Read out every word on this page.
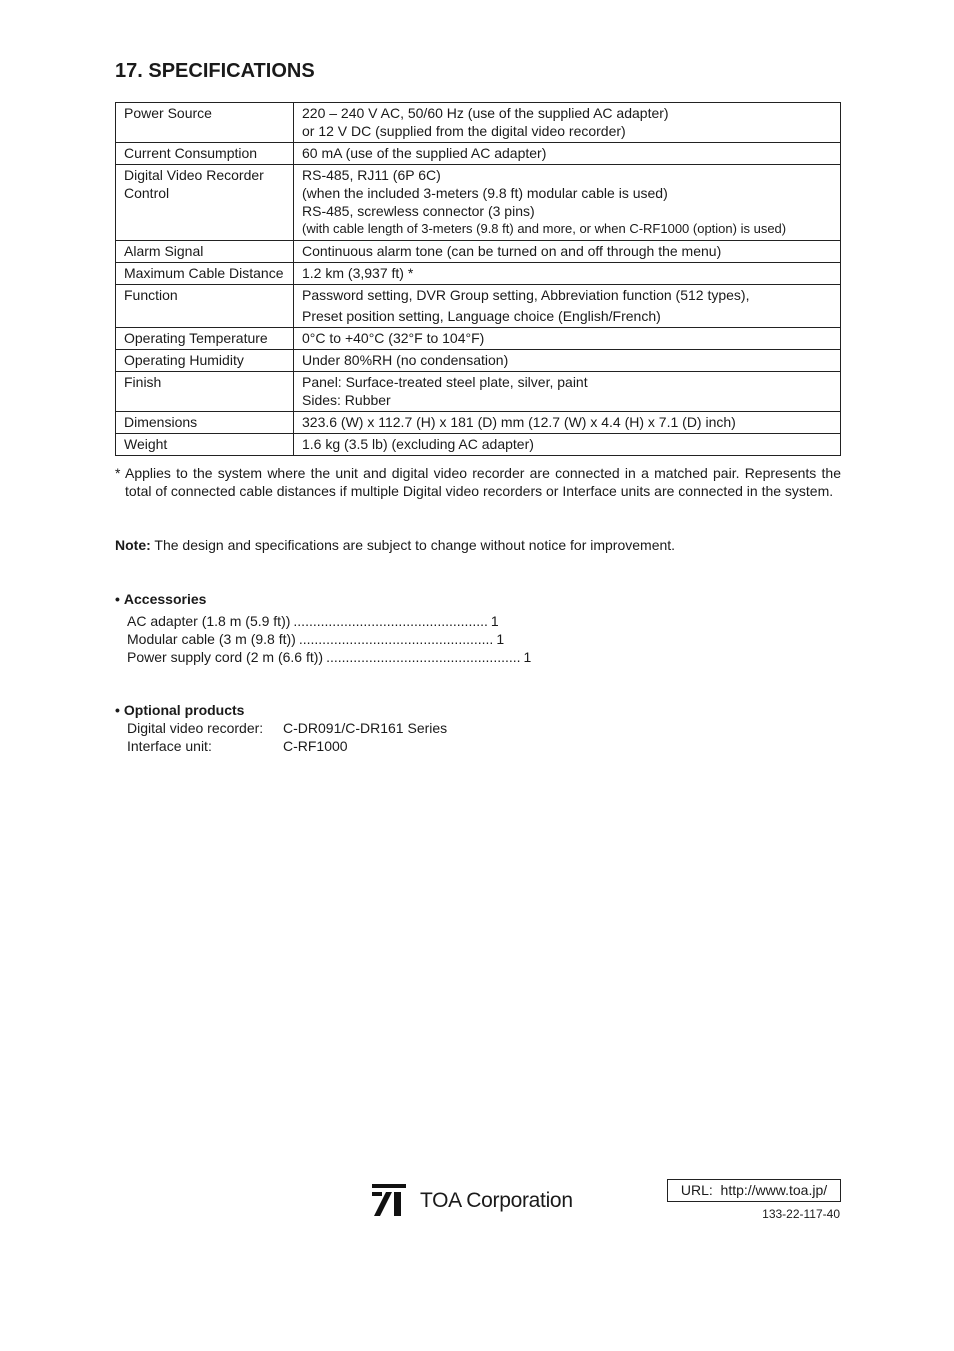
17. SPECIFICATIONS
Power Source	220 – 240 V AC, 50/60 Hz (use of the supplied AC adapter)
or 12 V DC (supplied from the digital video recorder)

Current Consumption	60 mA (use of the supplied AC adapter)

Digital Video Recorder Control	RS-485, RJ11 (6P 6C)
(when the included 3-meters (9.8 ft) modular cable is used)
RS-485, screwless connector (3 pins)
(with cable length of 3-meters (9.8 ft) and more, or when C-RF1000 (option) is used)

Alarm Signal	Continuous alarm tone (can be turned on and off through the menu)

Maximum Cable Distance	1.2 km (3,937 ft) *

Function	Password setting, DVR Group setting, Abbreviation function (512 types),
Preset position setting, Language choice (English/French)

Operating Temperature	0°C to +40°C (32°F to 104°F)

Operating Humidity	Under 80%RH (no condensation)

Finish	Panel: Surface-treated steel plate, silver, paint
Sides: Rubber

Dimensions	323.6 (W) x 112.7 (H) x 181 (D) mm (12.7 (W) x 4.4 (H) x 7.1 (D) inch)

Weight	1.6 kg (3.5 lb) (excluding AC adapter)
* Applies to the system where the unit and digital video recorder are connected in a matched pair. Represents the total of connected cable distances if multiple Digital video recorders or Interface units are connected in the system.
Note: The design and specifications are subject to change without notice for improvement.
• Accessories
AC adapter (1.8 m (5.9 ft)) .................................................. 1
Modular cable (3 m (9.8 ft)) .................................................. 1
Power supply cord (2 m (6.6 ft)) .................................................. 1
• Optional products
Digital video recorder:	C-DR091/C-DR161 Series
Interface unit:	C-RF1000
TOA Corporation	URL: http://www.toa.jp/
133-22-117-40
